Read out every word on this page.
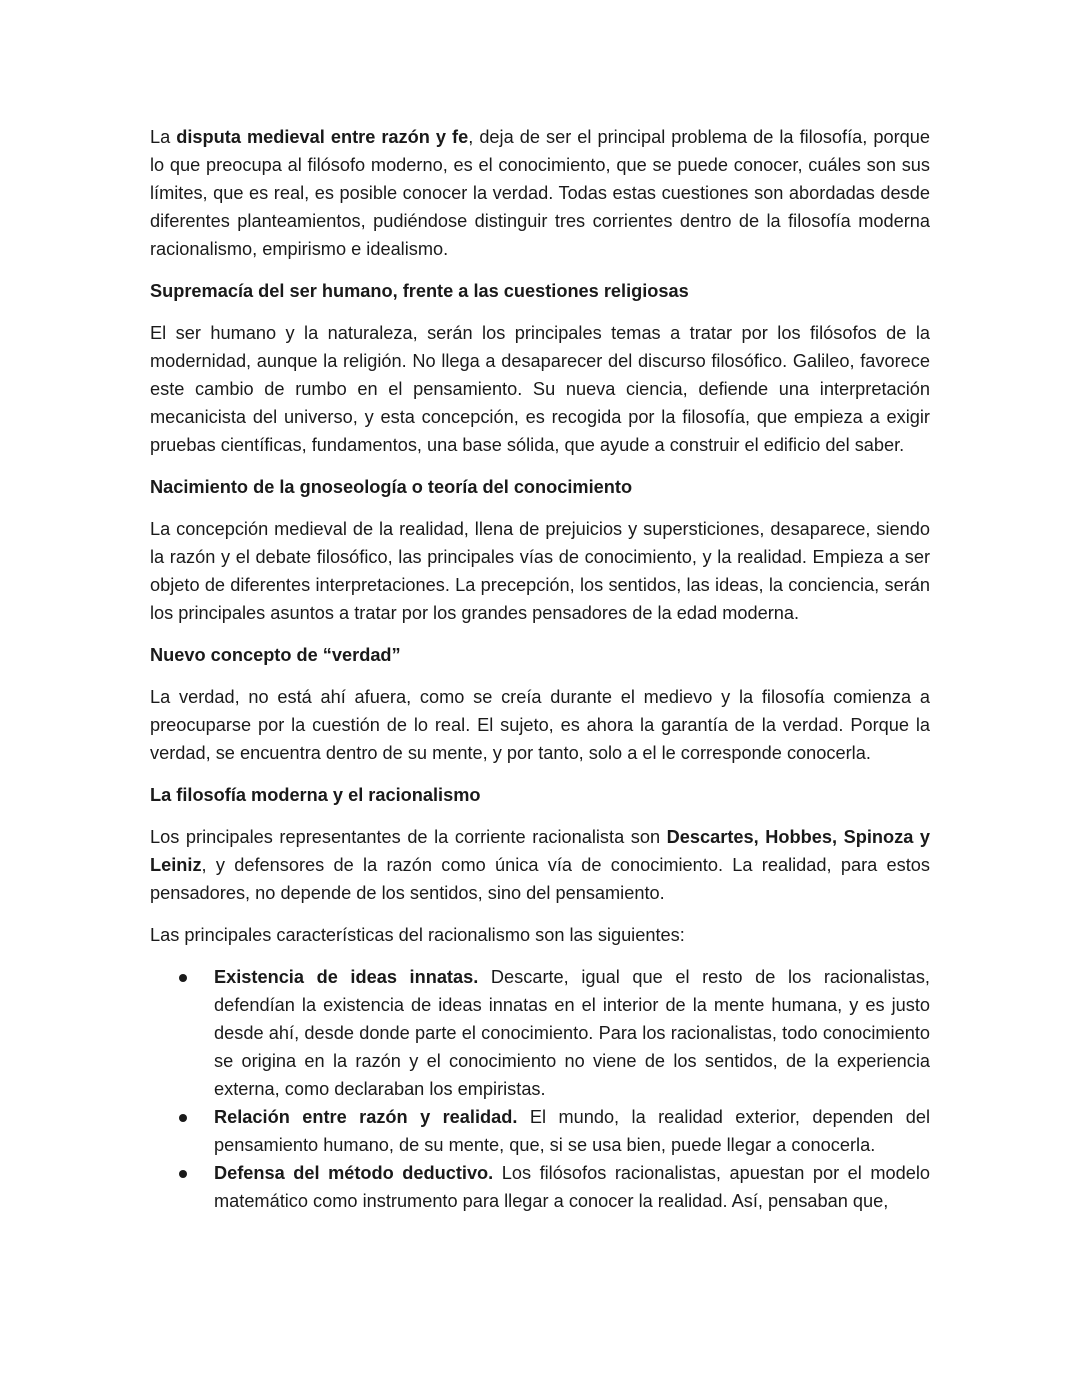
La disputa medieval entre razón y fe, deja de ser el principal problema de la filosofía, porque lo que preocupa al filósofo moderno, es el conocimiento, que se puede conocer, cuáles son sus límites, que es real, es posible conocer la verdad. Todas estas cuestiones son abordadas desde diferentes planteamientos, pudiéndose distinguir tres corrientes dentro de la filosofía moderna racionalismo, empirismo e idealismo.

Supremacía del ser humano, frente a las cuestiones religiosas

El ser humano y la naturaleza, serán los principales temas a tratar por los filósofos de la modernidad, aunque la religión. No llega a desaparecer del discurso filosófico. Galileo, favorece este cambio de rumbo en el pensamiento. Su nueva ciencia, defiende una interpretación mecanicista del universo, y esta concepción, es recogida por la filosofía, que empieza a exigir pruebas científicas, fundamentos, una base sólida, que ayude a construir el edificio del saber.

Nacimiento de la gnoseología o teoría del conocimiento

La concepción medieval de la realidad, llena de prejuicios y supersticiones, desaparece, siendo la razón y el debate filosófico, las principales vías de conocimiento, y la realidad. Empieza a ser objeto de diferentes interpretaciones. La precepción, los sentidos, las ideas, la conciencia, serán los principales asuntos a tratar por los grandes pensadores de la edad moderna.

Nuevo concepto de “verdad”

La verdad, no está ahí afuera, como se creía durante el medievo y la filosofía comienza a preocuparse por la cuestión de lo real. El sujeto, es ahora la garantía de la verdad. Porque la verdad, se encuentra dentro de su mente, y por tanto, solo a el le corresponde conocerla.

La filosofía moderna y el racionalismo

Los principales representantes de la corriente racionalista son Descartes, Hobbes, Spinoza y Leiniz, y defensores de la razón como única vía de conocimiento. La realidad, para estos pensadores, no depende de los sentidos, sino del pensamiento.

Las principales características del racionalismo son las siguientes:

Existencia de ideas innatas. Descarte, igual que el resto de los racionalistas, defendían la existencia de ideas innatas en el interior de la mente humana, y es justo desde ahí, desde donde parte el conocimiento. Para los racionalistas, todo conocimiento se origina en la razón y el conocimiento no viene de los sentidos, de la experiencia externa, como declaraban los empiristas.
Relación entre razón y realidad. El mundo, la realidad exterior, dependen del pensamiento humano, de su mente, que, si se usa bien, puede llegar a conocerla.
Defensa del método deductivo. Los filósofos racionalistas, apuestan por el modelo matemático como instrumento para llegar a conocer la realidad. Así, pensaban que,
